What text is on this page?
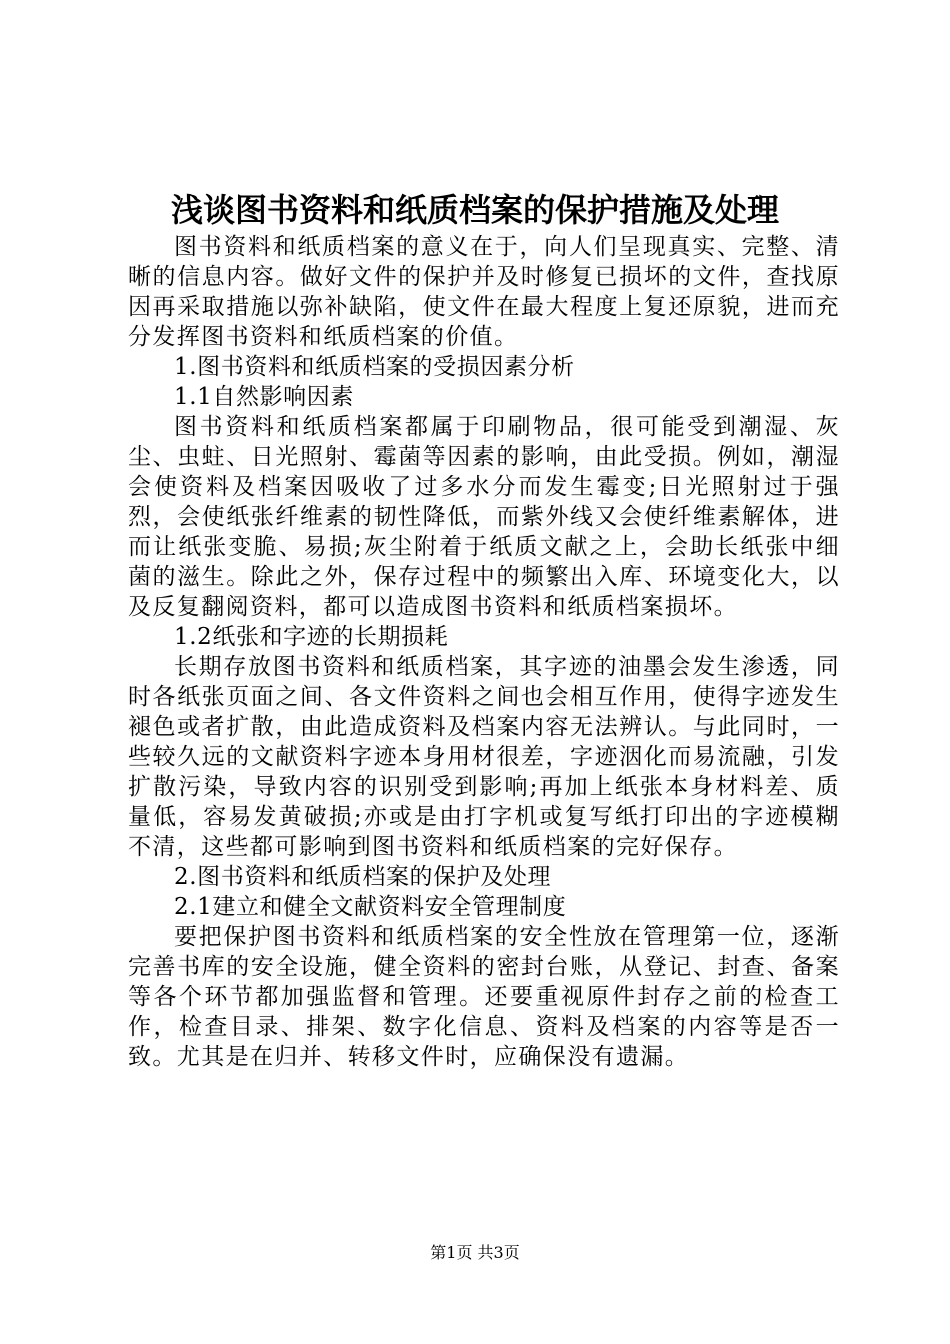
浅谈图书资料和纸质档案的保护措施及处理

图书资料和纸质档案的意义在于，向人们呈现真实、完整、清晰的信息内容。做好文件的保护并及时修复已损坏的文件，查找原因再采取措施以弥补缺陷，使文件在最大程度上复还原貌，进而充分发挥图书资料和纸质档案的价值。

1.图书资料和纸质档案的受损因素分析

1.1自然影响因素

图书资料和纸质档案都属于印刷物品，很可能受到潮湿、灰尘、虫蛀、日光照射、霉菌等因素的影响，由此受损。例如，潮湿会使资料及档案因吸收了过多水分而发生霉变;日光照射过于强烈，会使纸张纤维素的韧性降低，而紫外线又会使纤维素解体，进而让纸张变脆、易损;灰尘附着于纸质文献之上，会助长纸张中细菌的滋生。除此之外，保存过程中的频繁出入库、环境变化大，以及反复翻阅资料，都可以造成图书资料和纸质档案损坏。

1.2纸张和字迹的长期损耗

长期存放图书资料和纸质档案，其字迹的油墨会发生渗透，同时各纸张页面之间、各文件资料之间也会相互作用，使得字迹发生褪色或者扩散，由此造成资料及档案内容无法辨认。与此同时，一些较久远的文献资料字迹本身用材很差，字迹洇化而易流融，引发扩散污染，导致内容的识别受到影响;再加上纸张本身材料差、质量低，容易发黄破损;亦或是由打字机或复写纸打印出的字迹模糊不清，这些都可影响到图书资料和纸质档案的完好保存。

2.图书资料和纸质档案的保护及处理

2.1建立和健全文献资料安全管理制度

要把保护图书资料和纸质档案的安全性放在管理第一位，逐渐完善书库的安全设施，健全资料的密封台账，从登记、封查、备案等各个环节都加强监督和管理。还要重视原件封存之前的检查工作，检查目录、排架、数字化信息、资料及档案的内容等是否一致。尤其是在归并、转移文件时，应确保没有遗漏。

第1页 共3页
